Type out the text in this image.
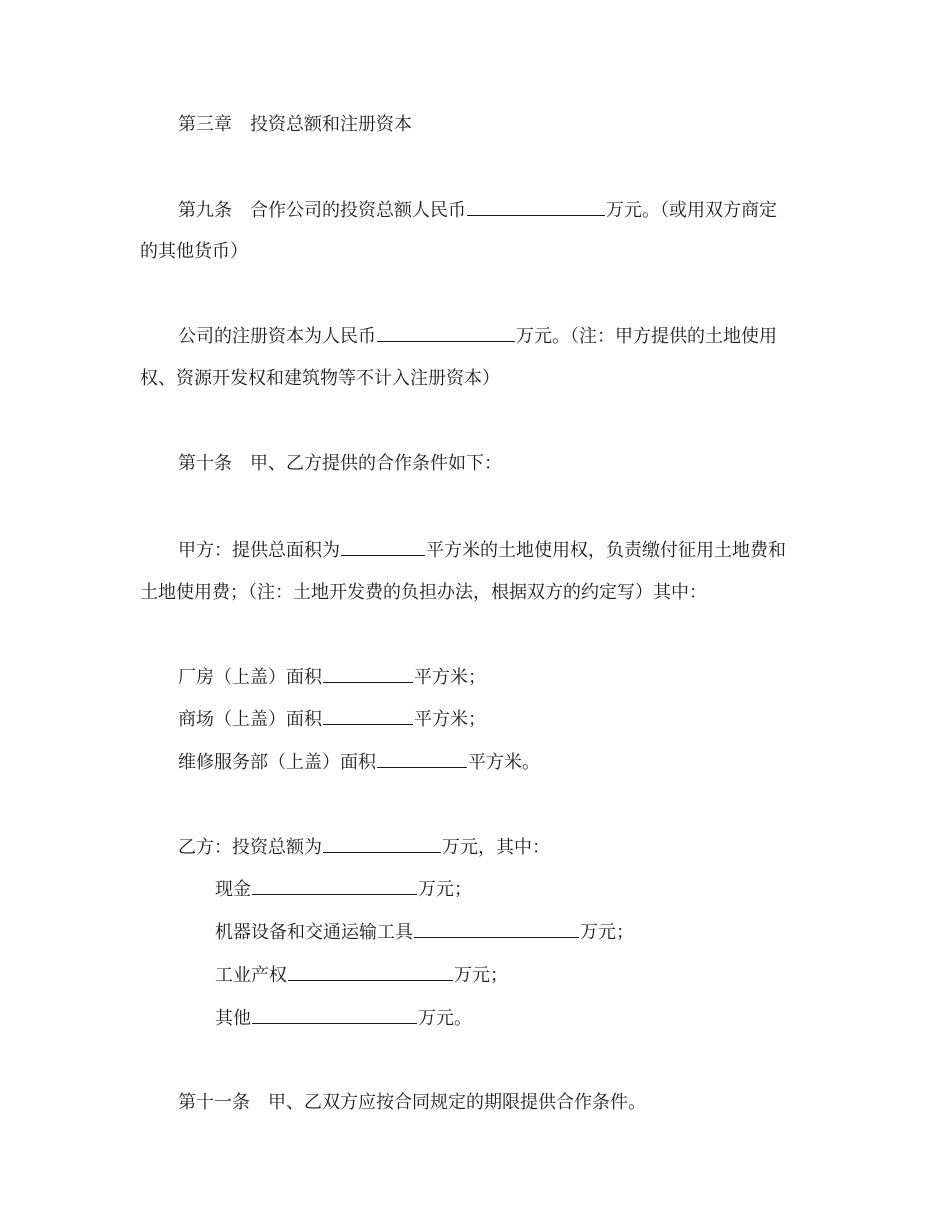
第三章　投资总额和注册资本
第九条　合作公司的投资总额人民币	万元。（或用双方商定
的其他货币）
公司的注册资本为人民币	万元。（注：甲方提供的土地使用
权、资源开发权和建筑物等不计入注册资本）
第十条　甲、乙方提供的合作条件如下：
甲方：提供总面积为	平方米的土地使用权，负责缴付征用土地费和
土地使用费；（注：土地开发费的负担办法，根据双方的约定写）其中：
厂房（上盖）面积	平方米；
商场（上盖）面积	平方米；
维修服务部（上盖）面积	平方米。
乙方：投资总额为	万元，其中：
现金	万元；
机器设备和交通运输工具	万元；
工业产权	万元；
其他	万元。
第十一条　甲、乙双方应按合同规定的期限提供合作条件。
